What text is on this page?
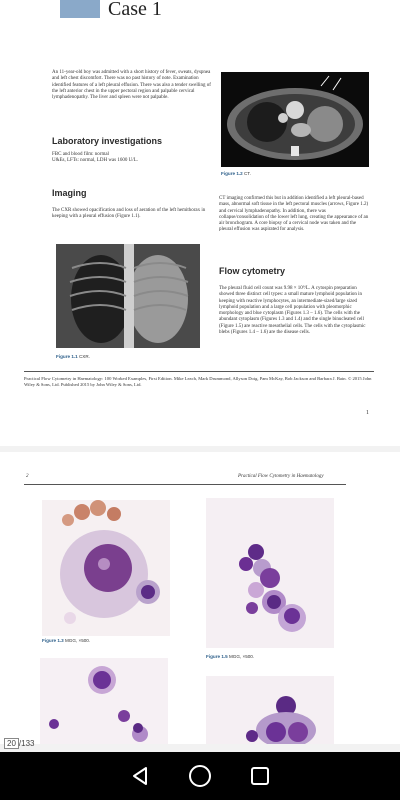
Case 1
An 11-year-old boy was admitted with a short history of fever, sweats, dyspnea and left chest discomfort. There was no past history of note. Examination identified features of a left pleural effusion. There was also a tender swelling of the left anterior chest in the upper pectoral region and palpable cervical lymphadenopathy. The liver and spleen were not palpable.
Laboratory investigations
FBC and blood film: normal
U&Es, LFTs: normal, LDH was 1600 U/L.
Imaging
The CXR showed opacification and loss of aeration of the left hemithorax in keeping with a pleural effusion (Figure 1.1).
Figure 1.2 CT.
CT imaging confirmed this but in addition identified a left pleural-based mass, abnormal soft tissue in the left pectoral muscles (arrows, Figure 1.2) and cervical lymphadenopathy. In addition, there was collapse/consolidation of the lower left lung, creating the appearance of an air bronchogram. A core biopsy of a cervical node was taken and the pleural effusion was aspirated for analysis.
Figure 1.1 CXR.
Flow cytometry
The pleural fluid cell count was 9.98 × 10⁹/L. A cytospin preparation showed three distinct cell types: a small mature lymphoid population in keeping with reactive lymphocytes, an intermediate-sized/large sized lymphoid population and a large cell population with pleomorphic morphology and blue cytoplasm (Figures 1.3 – 1.6). The cells with the abundant cytoplasm (Figures 1.3 and 1.4) and the single binucleated cell (Figure 1.5) are reactive mesothelial cells. The cells with the cytoplasmic blebs (Figures 1.4 – 1.6) are the disease cells.
Practical Flow Cytometry in Haematology: 100 Worked Examples, First Edition. Mike Leach, Mark Drummond, Allyson Doig, Pam McKay, Bob Jackson and Barbara J. Bain. © 2015 John Wiley & Sons, Ltd. Published 2015 by John Wiley & Sons, Ltd.
1
2	Practical Flow Cytometry in Haematology
Figure 1.3 MGG, ×500.
Figure 1.5 MGG, ×500.
20 /133
